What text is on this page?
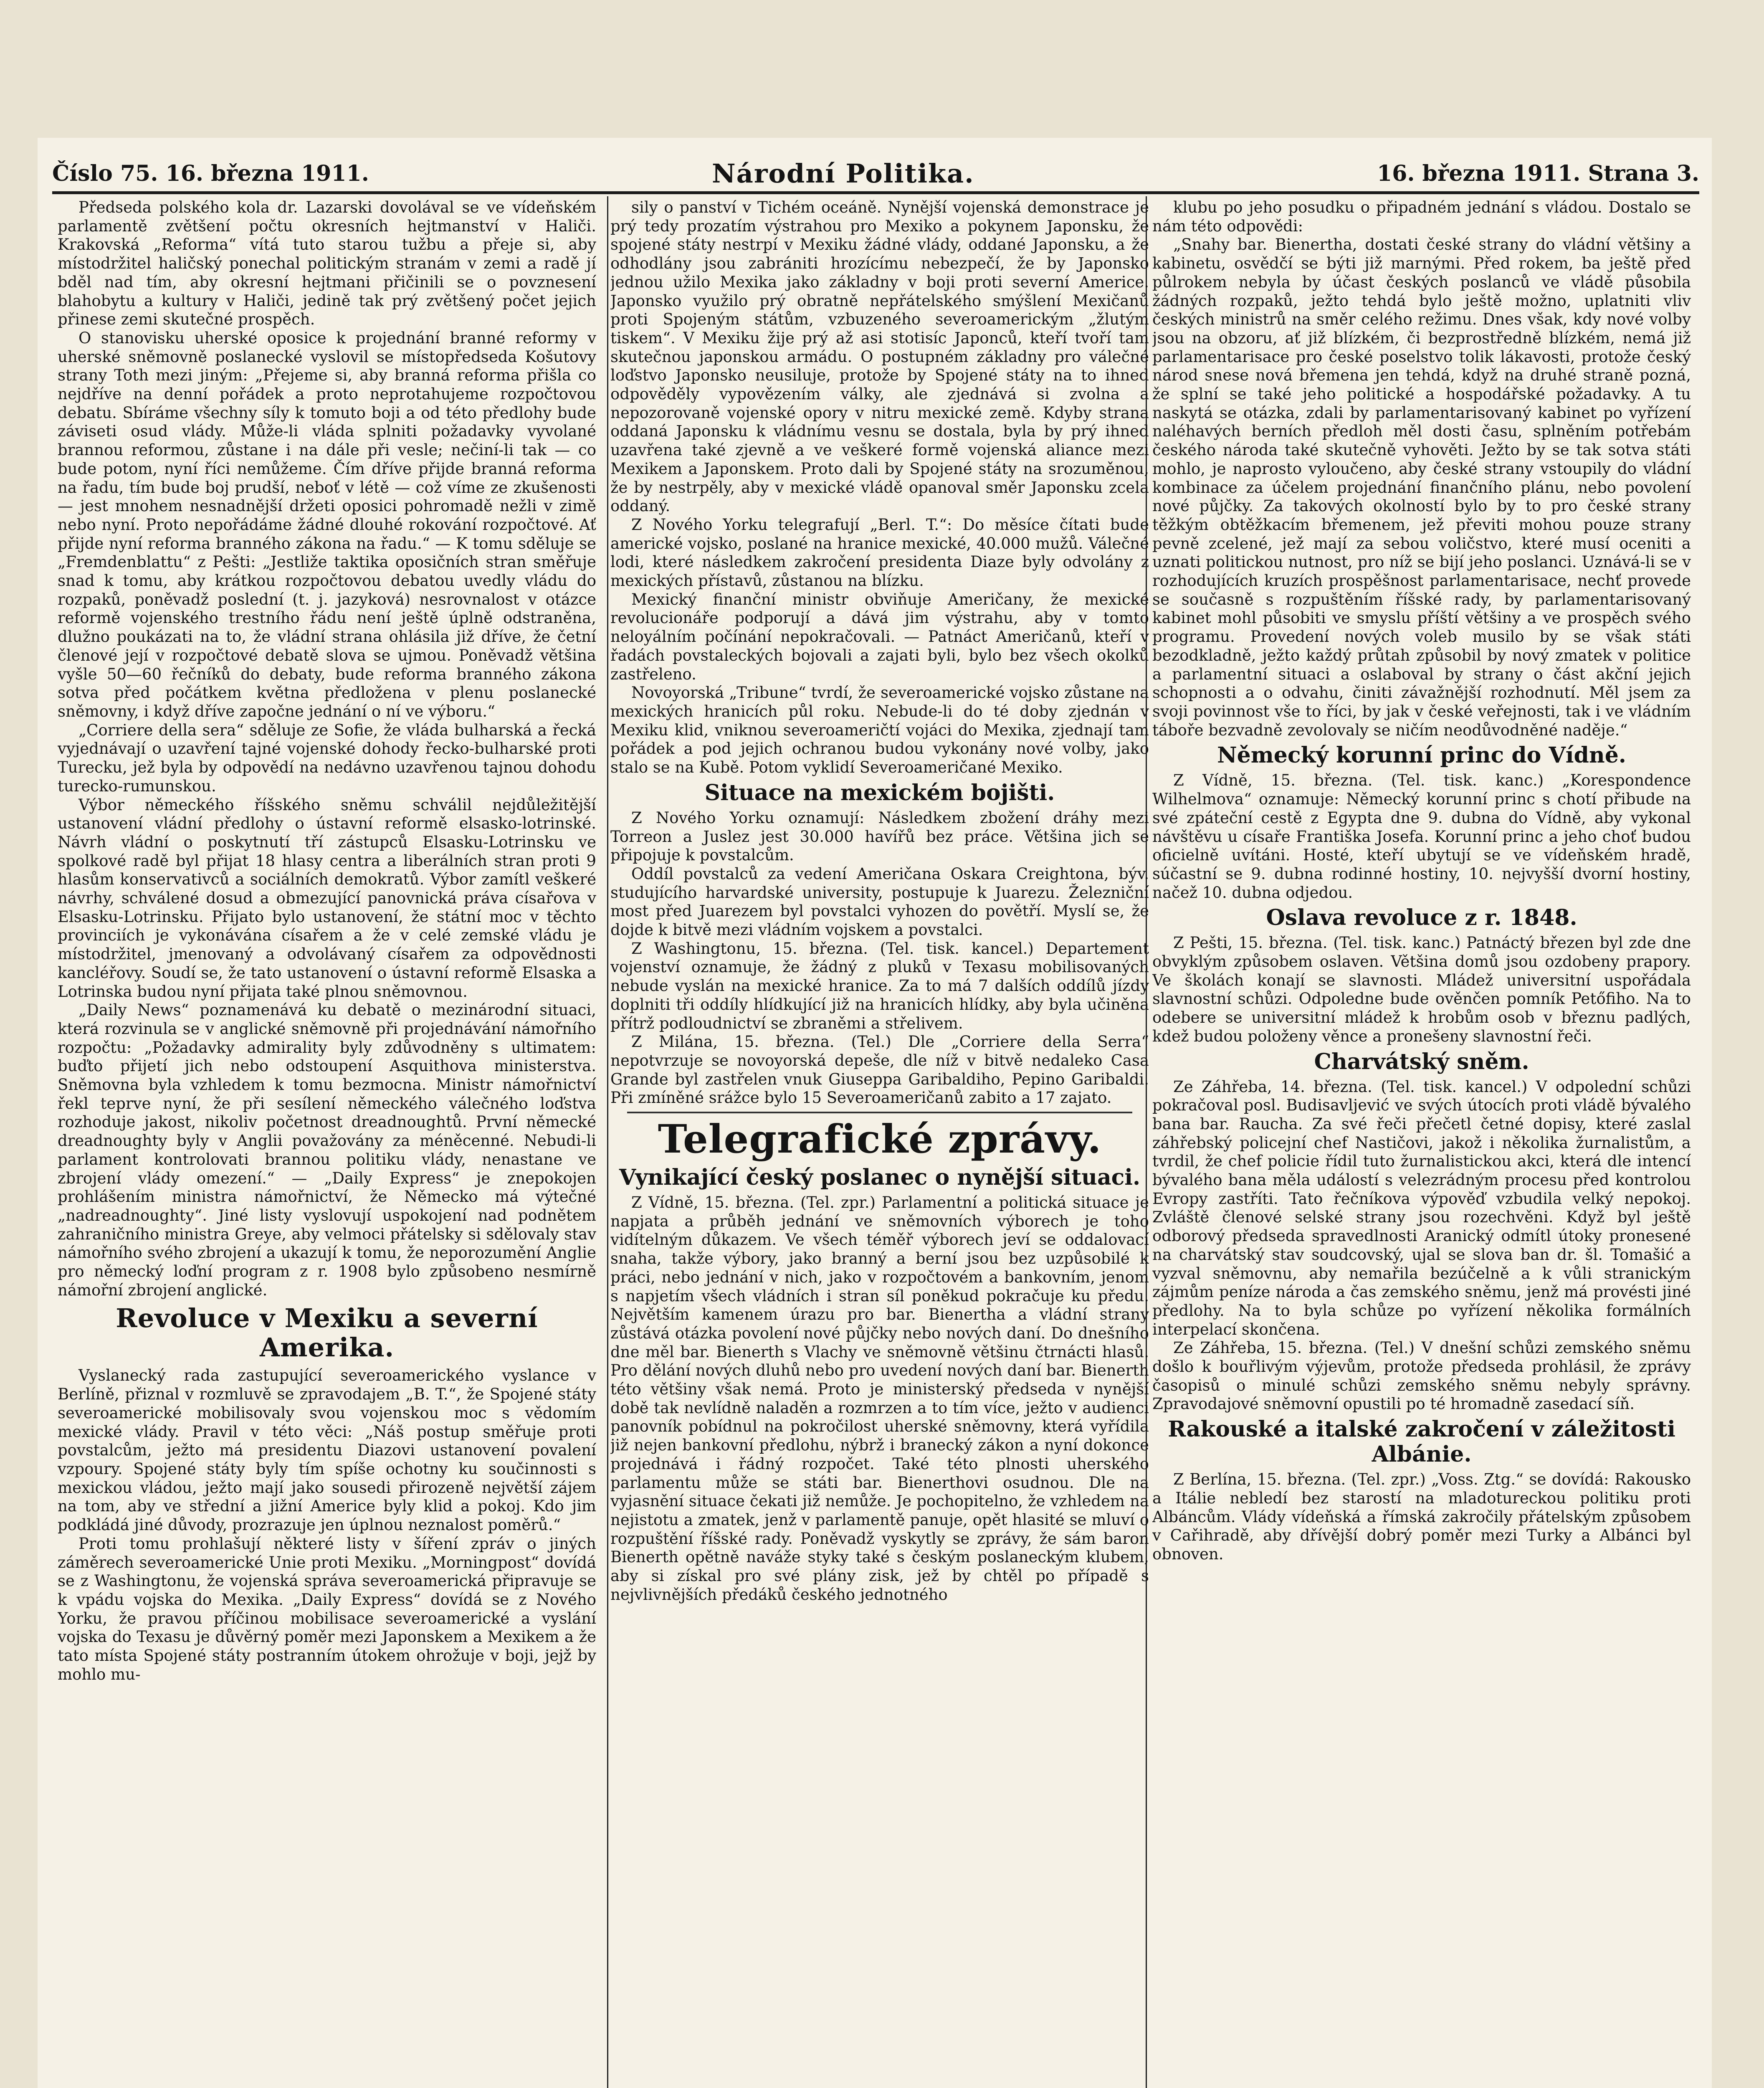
Číslo 75. 16. března 1911.	Národní Politika.	16. března 1911. Strana 3.

Předseda polského kola dr. Lazarski dovolával se ve vídeňském parlamentě zvětšení počtu okresních hejtmanství v Haliči. Krakovská „Reforma“ vítá tuto starou tužbu a přeje si, aby místodržitel haličský ponechal politickým stranám v zemi a radě jí bděl nad tím, aby okresní hejtmani přičinili se o povznesení blahobytu a kultury v Haliči, jedině tak prý zvětšený počet jejich přinese zemi skutečné prospěch.

O stanovisku uherské oposice k projednání branné reformy v uherské sněmovně poslanecké vyslovil se místopředseda Košutovy strany Toth mezi jiným: „Přejeme si, aby branná reforma přišla co nejdříve na denní pořádek a proto neprotahujeme rozpočtovou debatu. Sbíráme všechny síly k tomuto boji a od této předlohy bude záviseti osud vlády. Může-li vláda splniti požadavky vyvolané brannou reformou, zůstane i na dále při vesle; nečiní-li tak — co bude potom, nyní říci nemůžeme. Čím dříve přijde branná reforma na řadu, tím bude boj prudší, neboť v létě — což víme ze zkušenosti — jest mnohem nesnadnější držeti oposici pohromadě nežli v zimě nebo nyní. Proto nepořádáme žádné dlouhé rokování rozpočtové. Ať přijde nyní reforma branného zákona na řadu.“ — K tomu sděluje se „Fremdenblattu“ z Pešti: „Jestliže taktika oposičních stran směřuje snad k tomu, aby krátkou rozpočtovou debatou uvedly vládu do rozpaků, poněvadž poslední (t. j. jazyková) nesrovnalost v otázce reformě vojenského trestního řádu není ještě úplně odstraněna, dlužno poukázati na to, že vládní strana ohlásila již dříve, že četní členové její v rozpočtové debatě slova se ujmou. Poněvadž většina vyšle 50—60 řečníků do debaty, bude reforma branného zákona sotva před počátkem května předložena v plenu poslanecké sněmovny, i když dříve započne jednání o ní ve výboru.“

„Corriere della sera“ sděluje ze Sofie, že vláda bulharská a řecká vyjednávají o uzavření tajné vojenské dohody řecko-bulharské proti Turecku, jež byla by odpovědí na nedávno uzavřenou tajnou dohodu turecko-rumunskou.

Výbor německého říšského sněmu schválil nejdůležitější ustanovení vládní předlohy o ústavní reformě elsasko-lotrinské. Návrh vládní o poskytnutí tří zástupců Elsasku-Lotrinsku ve spolkové radě byl přijat 18 hlasy centra a liberálních stran proti 9 hlasům konservativců a sociálních demokratů. Výbor zamítl veškeré návrhy, schválené dosud a obmezující panovnická práva císařova v Elsasku-Lotrinsku. Přijato bylo ustanovení, že státní moc v těchto provinciích je vykonávána císařem a že v celé zemské vládu je místodržitel, jmenovaný a odvolávaný císařem za odpovědnosti kancléřovy. Soudí se, že tato ustanovení o ústavní reformě Elsaska a Lotrinska budou nyní přijata také plnou sněmovnou.

„Daily News“ poznamenává ku debatě o mezinárodní situaci, která rozvinula se v anglické sněmovně při projednávání námořního rozpočtu: „Požadavky admirality byly zdůvodněny s ultimatem: buďto přijetí jich nebo odstoupení Asquithova ministerstva. Sněmovna byla vzhledem k tomu bezmocna. Ministr námořnictví řekl teprve nyní, že při sesílení německého válečného loďstva rozhoduje jakost, nikoliv početnost dreadnoughtů. První německé dreadnoughty byly v Anglii považovány za méněcenné. Nebudi-li parlament kontrolovati brannou politiku vlády, nenastane ve zbrojení vlády omezení.“ — „Daily Express“ je znepokojen prohlášením ministra námořnictví, že Německo má výtečné „nadreadnoughty“. Jiné listy vyslovují uspokojení nad podnětem zahraničního ministra Greye, aby velmoci přátelsky si sdělovaly stav námořního svého zbrojení a ukazují k tomu, že neporozumění Anglie pro německý loďní program z r. 1908 bylo způsobeno nesmírně námořní zbrojení anglické.

Revoluce v Mexiku a severní Amerika.

Vyslanecký rada zastupující severoamerického vyslance v Berlíně, přiznal v rozmluvě se zpravodajem „B. T.“, že Spojené státy severoamerické mobilisovaly svou vojenskou moc s vědomím mexické vlády. Pravil v této věci: „Náš postup směřuje proti povstalcům, ježto má presidentu Diazovi ustanovení povalení vzpoury. Spojené státy byly tím spíše ochotny ku součinnosti s mexickou vládou, ježto mají jako sousedi přirozeně největší zájem na tom, aby ve střední a jižní Americe byly klid a pokoj. Kdo jim podkládá jiné důvody, prozrazuje jen úplnou neznalost poměrů.“

Proti tomu prohlašují některé listy v šíření zpráv o jiných záměrech severoamerické Unie proti Mexiku. „Morningpost“ dovídá se z Washingtonu, že vojenská správa severoamerická připravuje se k vpádu vojska do Mexika. „Daily Express“ dovídá se z Nového Yorku, že pravou příčinou mobilisace severoamerické a vyslání vojska do Texasu je důvěrný poměr mezi Japonskem a Mexikem a že tato místa Spojené státy postranním útokem ohrožuje v boji, jejž by mohlo mu-

sily o panství v Tichém oceáně. Nynější vojenská demonstrace je prý tedy prozatím výstrahou pro Mexiko a pokynem Japonsku, že spojené státy nestrpí v Mexiku žádné vlády, oddané Japonsku, a že odhodlány jsou zabrániti hrozícímu nebezpečí, že by Japonsko jednou užilo Mexika jako základny v boji proti severní Americe. Japonsko využilo prý obratně nepřátelského smýšlení Mexičanů proti Spojeným státům, vzbuzeného severoamerickým „žlutým tiskem“. V Mexiku žije prý až asi stotisíc Japonců, kteří tvoří tam skutečnou japonskou armádu. O postupném základny pro válečné loďstvo Japonsko neusiluje, protože by Spojené státy na to ihned odpověděly vypovězením války, ale zjednává si zvolna a nepozorovaně vojenské opory v nitru mexické země. Kdyby strana oddaná Japonsku k vládnímu vesnu se dostala, byla by prý ihned uzavřena také zjevně a ve veškeré formě vojenská aliance mezi Mexikem a Japonskem. Proto dali by Spojené státy na srozuměnou, že by nestrpěly, aby v mexické vládě opanoval směr Japonsku zcela oddaný.

Z Nového Yorku telegrafují „Berl. T.“: Do měsíce čítati bude americké vojsko, poslané na hranice mexické, 40.000 mužů. Válečné lodi, které následkem zakročení presidenta Diaze byly odvolány z mexických přístavů, zůstanou na blízku.

Mexický finanční ministr obviňuje Američany, že mexické revolucionáře podporují a dává jim výstrahu, aby v tomto neloyálním počínání nepokračovali. — Patnáct Američanů, kteří v řadách povstaleckých bojovali a zajati byli, bylo bez všech okolků zastřeleno.

Novoyorská „Tribune“ tvrdí, že severoamerické vojsko zůstane na mexických hranicích půl roku. Nebude-li do té doby zjednán v Mexiku klid, vniknou severoameričtí vojáci do Mexika, zjednají tam pořádek a pod jejich ochranou budou vykonány nové volby, jako stalo se na Kubě. Potom vyklidí Severoameričané Mexiko.

Situace na mexickém bojišti.

Z Nového Yorku oznamují: Následkem zbožení dráhy mezi Torreon a Juslez jest 30.000 havířů bez práce. Většina jich se připojuje k povstalcům.

Oddíl povstalců za vedení Američana Oskara Creightona, býv. studujícího harvardské university, postupuje k Juarezu. Železniční most před Juarezem byl povstalci vyhozen do povětří. Myslí se, že dojde k bitvě mezi vládním vojskem a povstalci.

Z Washingtonu, 15. března. (Tel. tisk. kancel.) Departement vojenství oznamuje, že žádný z pluků v Texasu mobilisovaných nebude vyslán na mexické hranice. Za to má 7 dalších oddílů jízdy doplniti tři oddíly hlídkující již na hranicích hlídky, aby byla učiněna přítrž podloudnictví se zbraněmi a střelivem.

Z Milána, 15. března. (Tel.) Dle „Corriere della Serra“ nepotvrzuje se novoyorská depeše, dle níž v bitvě nedaleko Casa Grande byl zastřelen vnuk Giuseppa Garibaldiho, Pepino Garibaldi. Při zmíněné srážce bylo 15 Severoameričanů zabito a 17 zajato.

Telegrafické zprávy.
Vynikající český poslanec o nynější situaci.

Z Vídně, 15. března. (Tel. zpr.) Parlamentní a politická situace je napjata a průběh jednání ve sněmovních výborech je toho vidítelným důkazem. Ve všech téměř výborech jeví se oddalovací snaha, takže výbory, jako branný a berní jsou bez uzpůsobilé k práci, nebo jednání v nich, jako v rozpočtovém a bankovním, jenom s napjetím všech vládních i stran síl poněkud pokračuje ku předu. Největším kamenem úrazu pro bar. Bienertha a vládní strany zůstává otázka povolení nové půjčky nebo nových daní. Do dnešního dne měl bar. Bienerth s Vlachy ve sněmovně většinu čtrnácti hlasů. Pro dělání nových dluhů nebo pro uvedení nových daní bar. Bienerth této většiny však nemá. Proto je ministerský předseda v nynější době tak nevlídně naladěn a rozmrzen a to tím více, ježto v audienci panovník pobídnul na pokročilost uherské sněmovny, která vyřídila již nejen bankovní předlohu, nýbrž i branecký zákon a nyní dokonce projednává i řádný rozpočet. Také této plnosti uherského parlamentu může se státi bar. Bienerthovi osudnou. Dle na vyjasnění situace čekati již nemůže. Je pochopitelno, že vzhledem na nejistotu a zmatek, jenž v parlamentě panuje, opět hlasité se mluví o rozpuštění říšské rady. Poněvadž vyskytly se zprávy, že sám baron Bienerth opětně naváže styky také s českým poslaneckým klubem, aby si získal pro své plány zisk, jež by chtěl po případě s nejvlivnějších předáků českého jednotného

klubu po jeho posudku o připadném jednání s vládou. Dostalo se nám této odpovědi:

„Snahy bar. Bienertha, dostati české strany do vládní většiny a kabinetu, osvědčí se býti již marnými. Před rokem, ba ještě před půlrokem nebyla by účast českých poslanců ve vládě působila žádných rozpaků, ježto tehdá bylo ještě možno, uplatniti vliv českých ministrů na směr celého režimu. Dnes však, kdy nové volby jsou na obzoru, ať již blízkém, či bezprostředně blízkém, nemá již parlamentarisace pro české poselstvo tolik lákavosti, protože český národ snese nová břemena jen tehdá, když na druhé straně pozná, že splní se také jeho politické a hospodářské požadavky. A tu naskytá se otázka, zdali by parlamentarisovaný kabinet po vyřízení naléhavých berních předloh měl dosti času, splněním potřebám českého národa také skutečně vyhověti. Ježto by se tak sotva státi mohlo, je naprosto vyloučeno, aby české strany vstoupily do vládní kombinace za účelem projednání finančního plánu, nebo povolení nové půjčky. Za takových okolností bylo by to pro české strany těžkým obtěžkacím břemenem, jež převiti mohou pouze strany pevně zcelené, jež mají za sebou voličstvo, které musí oceniti a uznati politickou nutnost, pro níž se bijí jeho poslanci. Uznává-li se v rozhodujících kruzích prospěšnost parlamentarisace, nechť provede se současně s rozpuštěním říšské rady, by parlamentarisovaný kabinet mohl působiti ve smyslu příští většiny a ve prospěch svého programu. Provedení nových voleb musilo by se však státi bezodkladně, ježto každý průtah způsobil by nový zmatek v politice a parlamentní situaci a oslaboval by strany o část akční jejich schopnosti a o odvahu, činiti závažnější rozhodnutí. Měl jsem za svoji povinnost vše to říci, by jak v české veřejnosti, tak i ve vládním táboře bezvadně zevolovaly se ničím neodůvodněné naděje.“

Německý korunní princ do Vídně.

Z Vídně, 15. března. (Tel. tisk. kanc.) „Korespondence Wilhelmova“ oznamuje: Německý korunní princ s chotí přibude na své zpáteční cestě z Egypta dne 9. dubna do Vídně, aby vykonal návštěvu u císaře Františka Josefa. Korunní princ a jeho choť budou oficielně uvítáni. Hosté, kteří ubytují se ve vídeňském hradě, súčastní se 9. dubna rodinné hostiny, 10. nejvyšší dvorní hostiny, načež 10. dubna odjedou.

Oslava revoluce z r. 1848.

Z Pešti, 15. března. (Tel. tisk. kanc.) Patnáctý březen byl zde dne obvyklým způsobem oslaven. Většina domů jsou ozdobeny prapory. Ve školách konají se slavnosti. Mládež universitní uspořádala slavnostní schůzi. Odpoledne bude ověnčen pomník Petőfiho. Na to odebere se universitní mládež k hrobům osob v březnu padlých, kdež budou položeny věnce a pronešeny slavnostní řeči.

Charvátský sněm.

Ze Záhřeba, 14. března. (Tel. tisk. kancel.) V odpolední schůzi pokračoval posl. Budisavljević ve svých útocích proti vládě bývalého bana bar. Raucha. Za své řeči přečetl četné dopisy, které zaslal záhřebský policejní chef Nastičovi, jakož i několika žurnalistům, a tvrdil, že chef policie řídil tuto žurnalistickou akci, která dle intencí bývalého bana měla událostí s velezrádným procesu před kontrolou Evropy zastříti. Tato řečníkova výpověď vzbudila velký nepokoj. Zvláště členové selské strany jsou rozechvěni. Když byl ještě odborový předseda spravedlnosti Aranický odmítl útoky pronesené na charvátský stav soudcovský, ujal se slova ban dr. šl. Tomašić a vyzval sněmovnu, aby nemařila bezúčelně a k vůli stranickým zájmům peníze národa a čas zemského sněmu, jenž má provésti jiné předlohy. Na to byla schůze po vyřízení několika formálních interpelací skončena.

Ze Záhřeba, 15. března. (Tel.) V dnešní schůzi zemského sněmu došlo k bouřlivým výjevům, protože předseda prohlásil, že zprávy časopisů o minulé schůzi zemského sněmu nebyly správny. Zpravodajové sněmovní opustili po té hromadně zasedací síň.

Rakouské a italské zakročení v záležitosti Albánie.

Z Berlína, 15. března. (Tel. zpr.) „Voss. Ztg.“ se dovídá: Rakousko a Itálie nebledí bez starostí na mladotureckou politiku proti Albáncům. Vlády vídeňská a římská zakročily přátelským způsobem v Cařihradě, aby dřívější dobrý poměr mezi Turky a Albánci byl obnoven.
